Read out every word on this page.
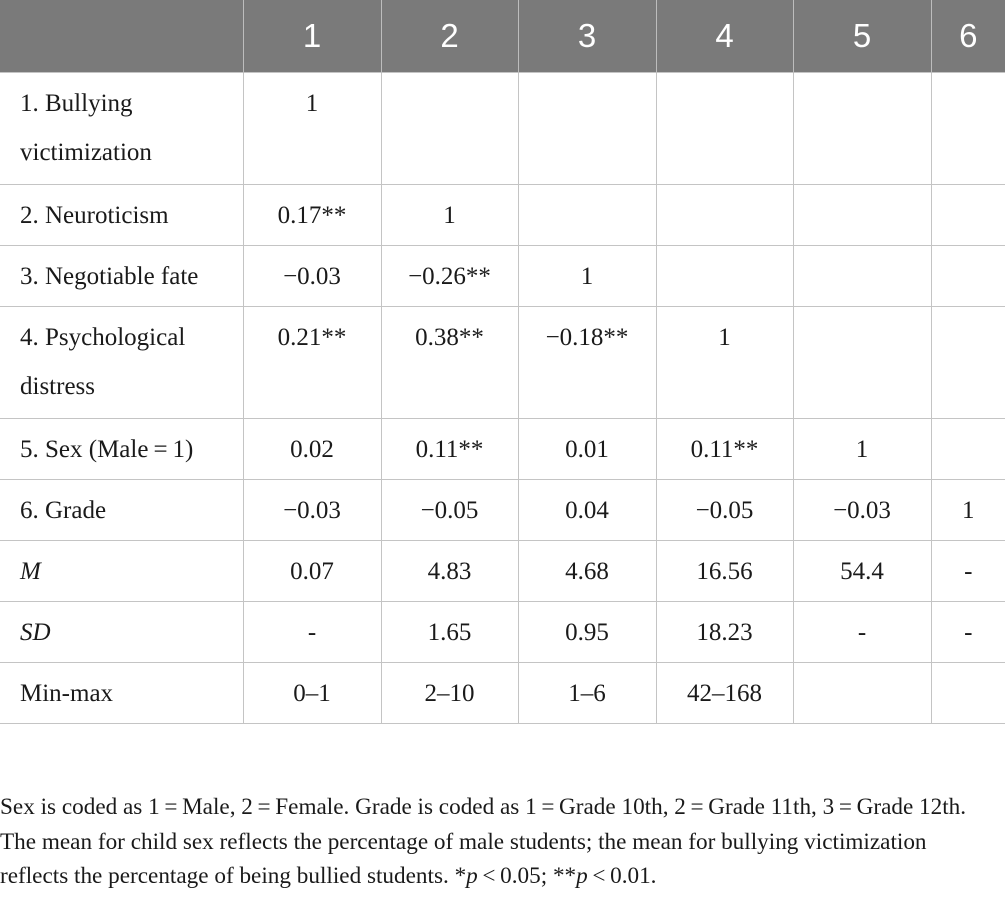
	1	2	3	4	5	6
1. Bullying victimization	1					
2. Neuroticism	0.17**	1				
3. Negotiable fate	−0.03	−0.26**	1			
4. Psychological distress	0.21**	0.38**	−0.18**	1		
5. Sex (Male = 1)	0.02	0.11**	0.01	0.11**	1	
6. Grade	−0.03	−0.05	0.04	−0.05	−0.03	1
M	0.07	4.83	4.68	16.56	54.4	-
SD	-	1.65	0.95	18.23	-	-
Min-max	0–1	2–10	1–6	42–168		

Sex is coded as 1 = Male, 2 = Female. Grade is coded as 1 = Grade 10th, 2 = Grade 11th, 3 = Grade 12th. The mean for child sex reflects the percentage of male students; the mean for bullying victimization reflects the percentage of being bullied students. *p < 0.05; **p < 0.01.
